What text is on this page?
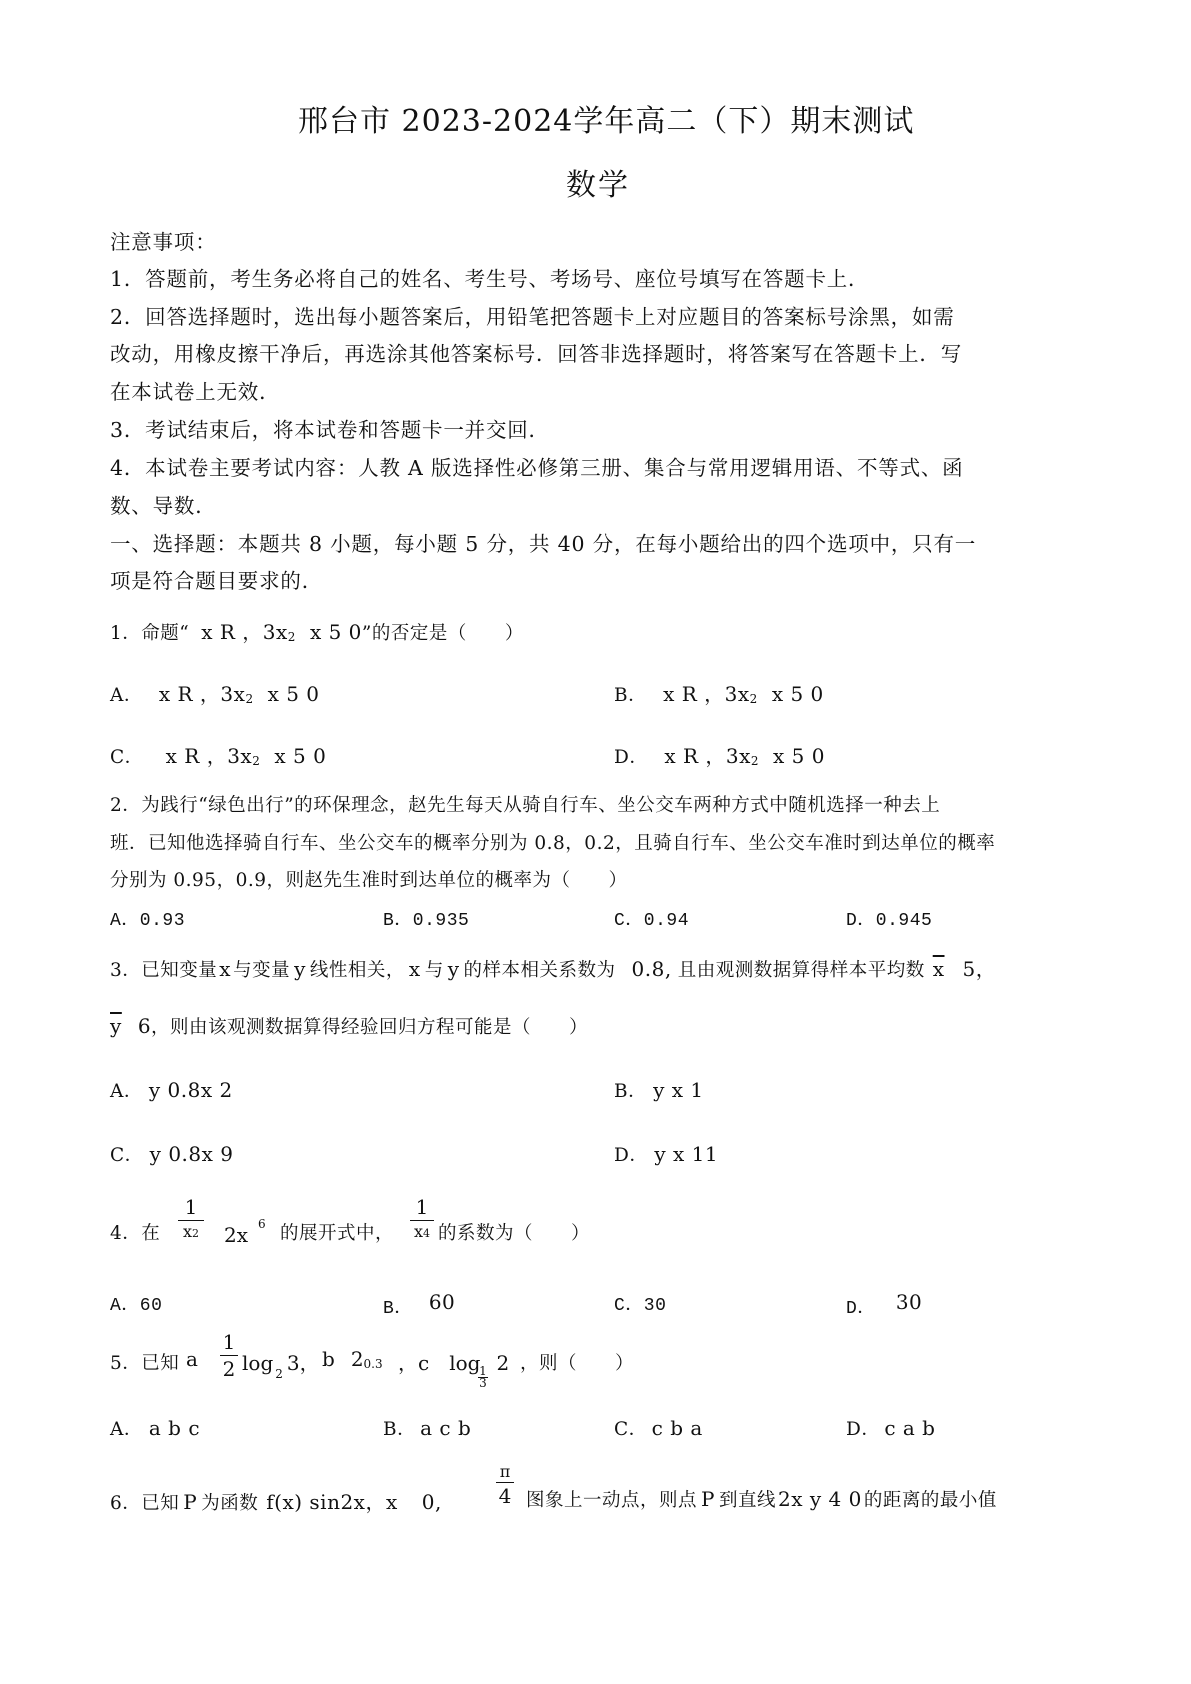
邢台市 2023-2024学年高二（下）期末测试
数学
注意事项：
1．答题前，考生务必将自己的姓名、考生号、考场号、座位号填写在答题卡上．
2．回答选择题时，选出每小题答案后，用铅笔把答题卡上对应题目的答案标号涂黑，如需
改动，用橡皮擦干净后，再选涂其他答案标号．回答非选择题时，将答案写在答题卡上．写
在本试卷上无效．
3．考试结束后，将本试卷和答题卡一并交回．
4．本试卷主要考试内容：人教 A 版选择性必修第三册、集合与常用逻辑用语、不等式、函
数、导数．
一、选择题：本题共 8 小题，每小题 5 分，共 40 分，在每小题给出的四个选项中，只有一
项是符合题目要求的．
1．命题“ x R ，3x2 x 5 0”的否定是（　　）
A． x R ，3x2 x 5 0	B． x R ，3x2 x 5 0
C． x R ，3x2 x 5 0	D． x R ，3x2 x 5 0
2．为践行“绿色出行”的环保理念，赵先生每天从骑自行车、坐公交车两种方式中随机选择一种去上
班．已知他选择骑自行车、坐公交车的概率分别为 0.8，0.2，且骑自行车、坐公交车准时到达单位的概率
分别为 0.95，0.9，则赵先生准时到达单位的概率为（　　）
A．0.93	B．0.935	C．0.94	D．0.945
3．已知变量 x 与变量 y 线性相关， x 与 y 的样本相关系数为 0.8, 且由观测数据算得样本平均数 $\overline{x}$ 5，
$\overline{y}$ 6，则由该观测数据算得经验回归方程可能是（　　）
A． y 0.8x 2	B． y x 1
C． y 0.8x 9	D． y x 11
4．在
1
x2 2x $^6$ 的展开式中，
1
x4 的系数为（　　）
A．60	B． 60	C．30	D． 30
5．已知 a
1
2 log $_2$ 3， b 20.3 ，c log 2
1
3
，则（　　）
A． a b c	B． a c b	C． c b a	D． c a b
6．已知 P 为函数 f(x) sin2x，x 0,
π
4 图象上一动点，则点 P 到直线 2x y 4 0 的距离的最小值
